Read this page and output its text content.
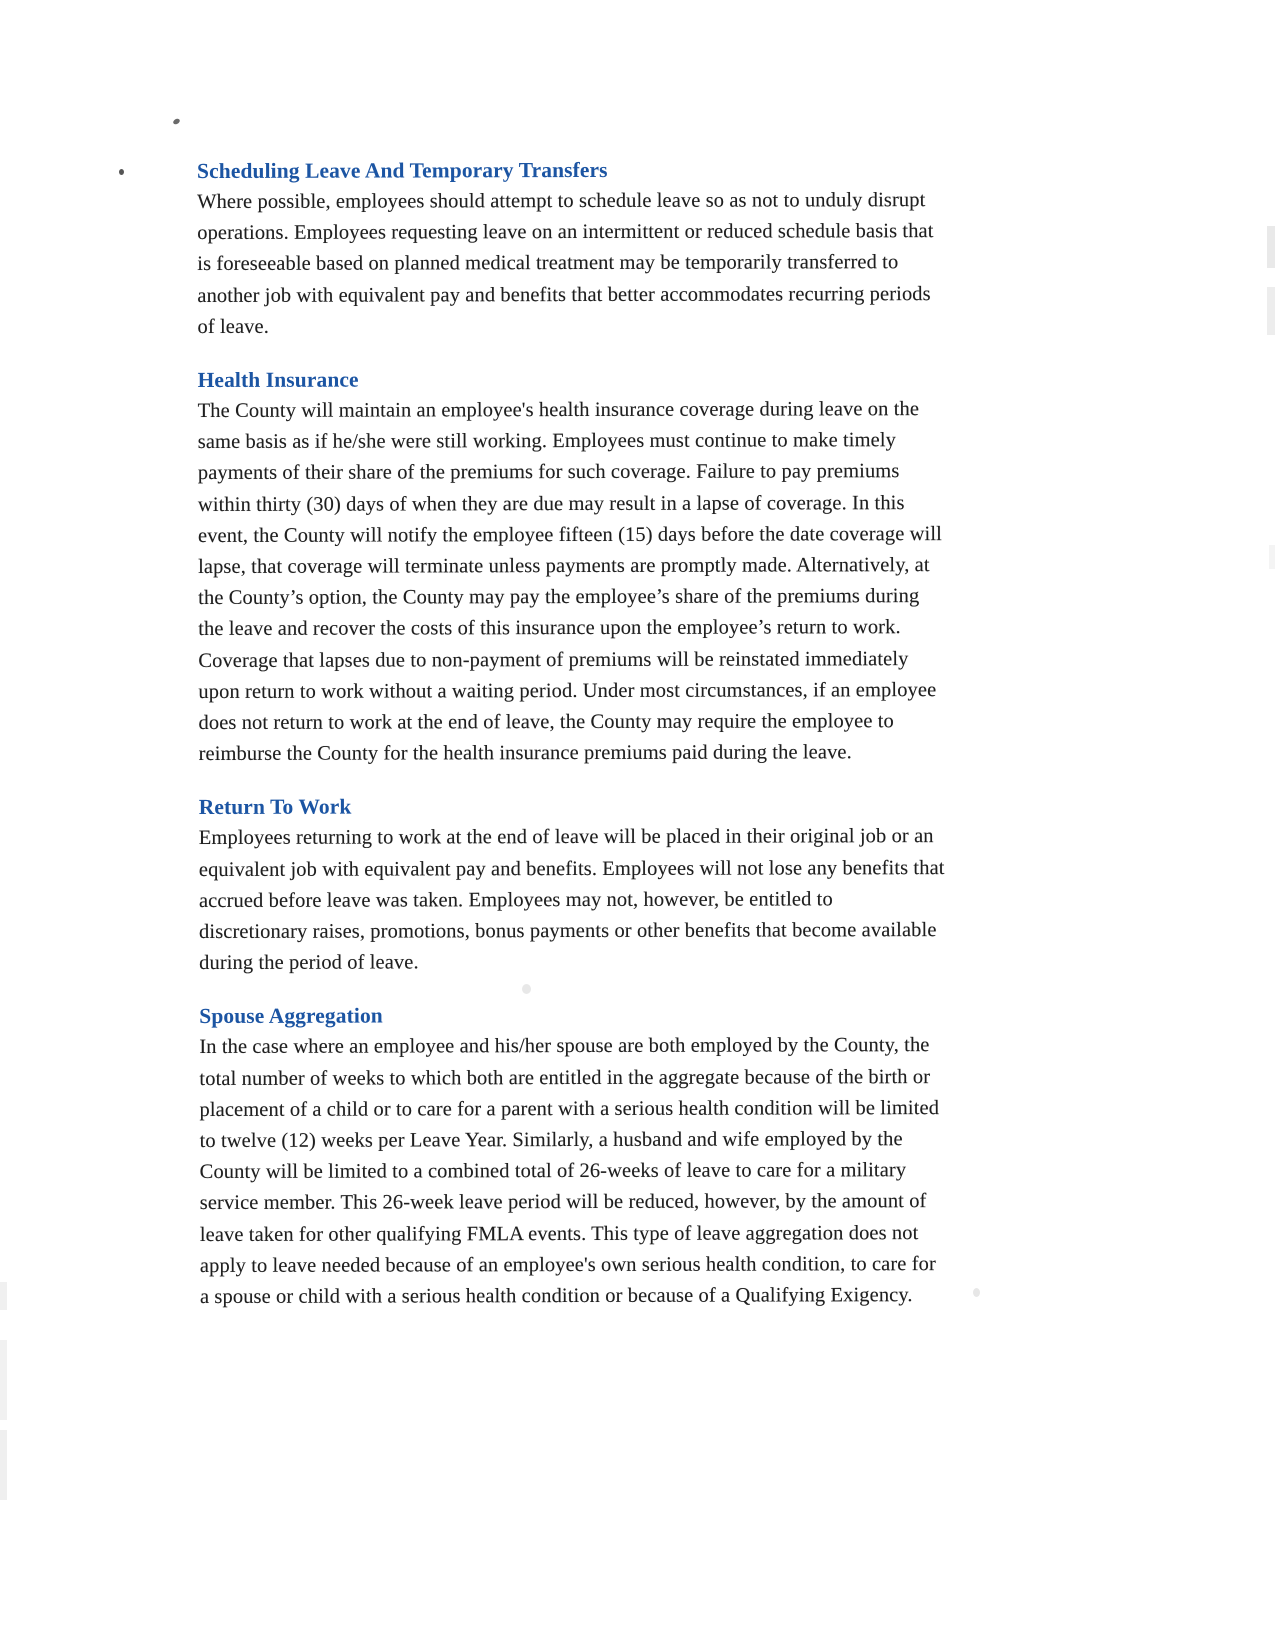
Scheduling Leave And Temporary Transfers
Where possible, employees should attempt to schedule leave so as not to unduly disrupt
operations. Employees requesting leave on an intermittent or reduced schedule basis that
is foreseeable based on planned medical treatment may be temporarily transferred to
another job with equivalent pay and benefits that better accommodates recurring periods
of leave.
Health Insurance
The County will maintain an employee's health insurance coverage during leave on the
same basis as if he/she were still working. Employees must continue to make timely
payments of their share of the premiums for such coverage. Failure to pay premiums
within thirty (30) days of when they are due may result in a lapse of coverage. In this
event, the County will notify the employee fifteen (15) days before the date coverage will
lapse, that coverage will terminate unless payments are promptly made. Alternatively, at
the County’s option, the County may pay the employee’s share of the premiums during
the leave and recover the costs of this insurance upon the employee’s return to work.
Coverage that lapses due to non-payment of premiums will be reinstated immediately
upon return to work without a waiting period. Under most circumstances, if an employee
does not return to work at the end of leave, the County may require the employee to
reimburse the County for the health insurance premiums paid during the leave.
Return To Work
Employees returning to work at the end of leave will be placed in their original job or an
equivalent job with equivalent pay and benefits. Employees will not lose any benefits that
accrued before leave was taken. Employees may not, however, be entitled to
discretionary raises, promotions, bonus payments or other benefits that become available
during the period of leave.
Spouse Aggregation
In the case where an employee and his/her spouse are both employed by the County, the
total number of weeks to which both are entitled in the aggregate because of the birth or
placement of a child or to care for a parent with a serious health condition will be limited
to twelve (12) weeks per Leave Year. Similarly, a husband and wife employed by the
County will be limited to a combined total of 26-weeks of leave to care for a military
service member. This 26-week leave period will be reduced, however, by the amount of
leave taken for other qualifying FMLA events. This type of leave aggregation does not
apply to leave needed because of an employee's own serious health condition, to care for
a spouse or child with a serious health condition or because of a Qualifying Exigency.
